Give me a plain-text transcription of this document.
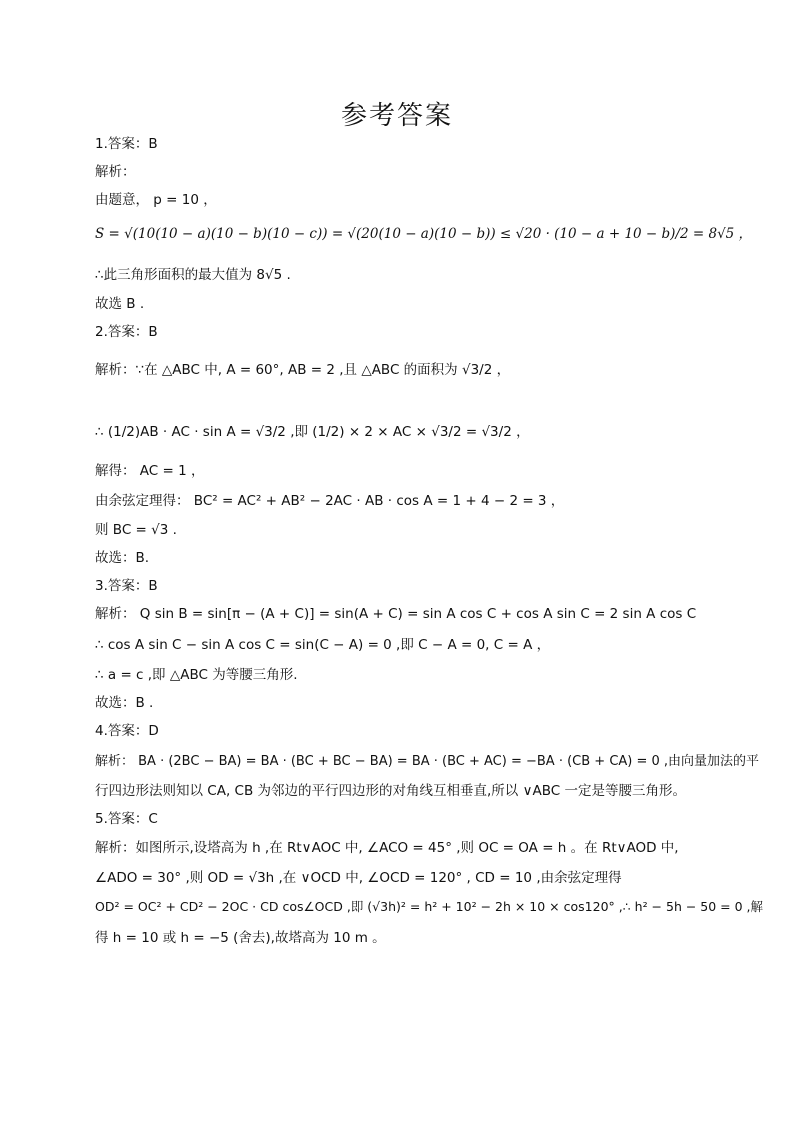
参考答案
1.答案：B
解析：
由题意， p = 10 ，
S = √(10(10 − a)(10 − b)(10 − c)) = √(20(10 − a)(10 − b)) ≤ √20 · (10 − a + 10 − b)/2 = 8√5 ，
∴此三角形面积的最大值为 8√5 .
故选 B .
2.答案：B
解析：∵在 △ABC 中, A = 60°, AB = 2 ,且 △ABC 的面积为 √3/2 ，
∴ (1/2)AB · AC · sin A = √3/2 ,即 (1/2) × 2 × AC × √3/2 = √3/2 ，
解得： AC = 1 ，
由余弦定理得： BC² = AC² + AB² − 2AC · AB · cos A = 1 + 4 − 2 = 3 ，
则 BC = √3 .
故选：B.
3.答案：B
解析： Q sin B = sin[π − (A + C)] = sin(A + C) = sin A cos C + cos A sin C = 2 sin A cos C
∴ cos A sin C − sin A cos C = sin(C − A) = 0 ,即 C − A = 0, C = A ，
∴ a = c ,即 △ABC 为等腰三角形.
故选：B .
4.答案：D
解析： BA · (2BC − BA) = BA · (BC + BC − BA) = BA · (BC + AC) = −BA · (CB + CA) = 0 ,由向量加法的平
行四边形法则知以 CA, CB 为邻边的平行四边形的对角线互相垂直,所以 ∨ABC 一定是等腰三角形。
5.答案：C
解析：如图所示,设塔高为 h ,在 Rt∨AOC 中, ∠ACO = 45° ,则 OC = OA = h 。在 Rt∨AOD 中,
∠ADO = 30° ,则 OD = √3h ,在 ∨OCD 中, ∠OCD = 120° , CD = 10 ,由余弦定理得
OD² = OC² + CD² − 2OC · CD cos∠OCD ,即 (√3h)² = h² + 10² − 2h × 10 × cos120° ,∴ h² − 5h − 50 = 0 ,解
得 h = 10 或 h = −5 (舍去),故塔高为 10 m 。
